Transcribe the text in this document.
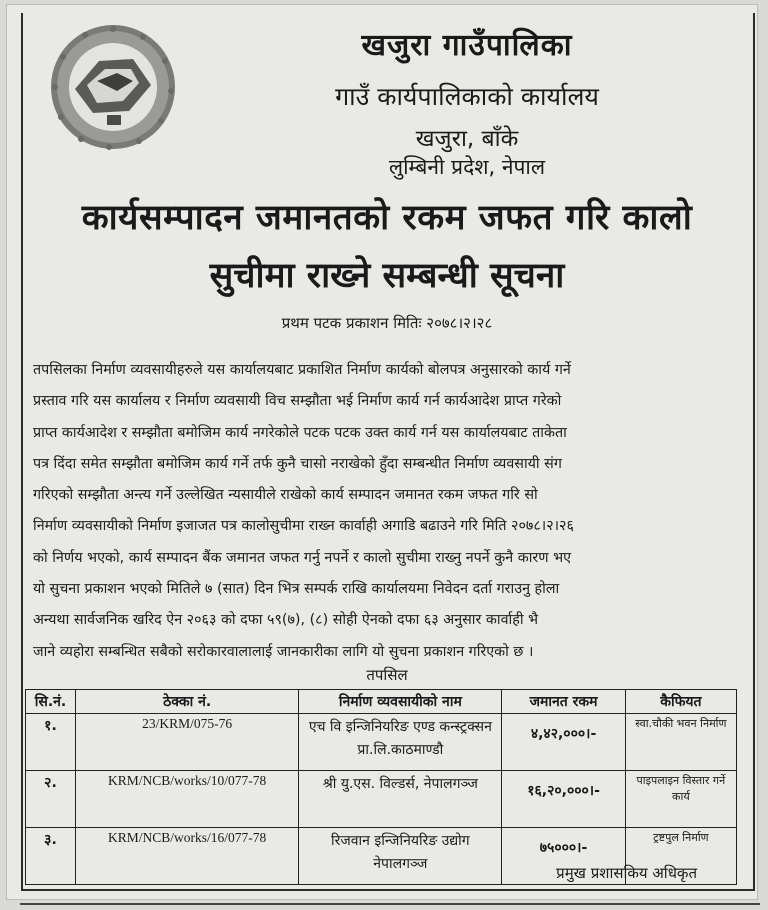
खजुरा गाउँपालिका
गाउँ कार्यपालिकाको कार्यालय
खजुरा, बाँके
लुम्बिनी प्रदेश, नेपाल
कार्यसम्पादन जमानतको रकम जफत गरि कालो
सुचीमा राख्ने सम्बन्धी सूचना
प्रथम पटक प्रकाशन मितिः २०७८।२।२८
तपसिलका निर्माण व्यवसायीहरुले यस कार्यालयबाट प्रकाशित निर्माण कार्यको बोलपत्र अनुसारको कार्य गर्ने
प्रस्ताव गरि यस कार्यालय र निर्माण व्यवसायी विच सम्झौता भई निर्माण कार्य गर्न कार्यआदेश प्राप्त गरेको
प्राप्त कार्यआदेश र सम्झौता बमोजिम कार्य नगरेकोले पटक पटक उक्त कार्य गर्न यस कार्यालयबाट ताकेता
पत्र दिंदा समेत सम्झौता बमोजिम कार्य गर्ने तर्फ कुनै चासो नराखेको हुँदा सम्बन्धीत निर्माण व्यवसायी संग
गरिएको सम्झौता अन्त्य गर्ने उल्लेखित न्यसायीले राखेको कार्य सम्पादन जमानत रकम जफत गरि सो
निर्माण व्यवसायीको निर्माण इजाजत पत्र कालोसुचीमा राख्न कार्वाही अगाडि बढाउने गरि मिति २०७८।२।२६
को निर्णय भएको, कार्य सम्पादन बैंक जमानत जफत गर्नु नपर्ने र कालो सुचीमा राख्नु नपर्ने कुनै कारण भए
यो सुचना प्रकाशन भएको मितिले ७ (सात) दिन भित्र सम्पर्क राखि कार्यालयमा निवेदन दर्ता गराउनु होला
अन्यथा सार्वजनिक खरिद ऐन २०६३ को दफा ५९(७), (८) सोही ऐनको दफा ६३ अनुसार कार्वाही भै
जाने व्यहोरा सम्बन्धित सबैको सरोकारवालालाई जानकारीका लागि यो सुचना प्रकाशन गरिएको छ ।
तपसिल
सि.नं.	ठेक्का नं.	निर्माण व्यवसायीको नाम	जमानत रकम	कैफियत
१.	23/KRM/075-76	एच वि इन्जिनियरिङ एण्ड कन्स्ट्रक्सन प्रा.लि.काठमाण्डौ	४,४२,०००।-	स्वा.चौकी भवन निर्माण
२.	KRM/NCB/works/10/077-78	श्री यु.एस. विल्डर्स, नेपालगञ्ज	१६,२०,०००।-	पाइपलाइन विस्तार गर्ने कार्य
३.	KRM/NCB/works/16/077-78	रिजवान इन्जिनियरिङ उद्योग नेपालगञ्ज	७५०००।-	ट्रष्टपुल निर्माण
प्रमुख प्रशासकिय अधिकृत
